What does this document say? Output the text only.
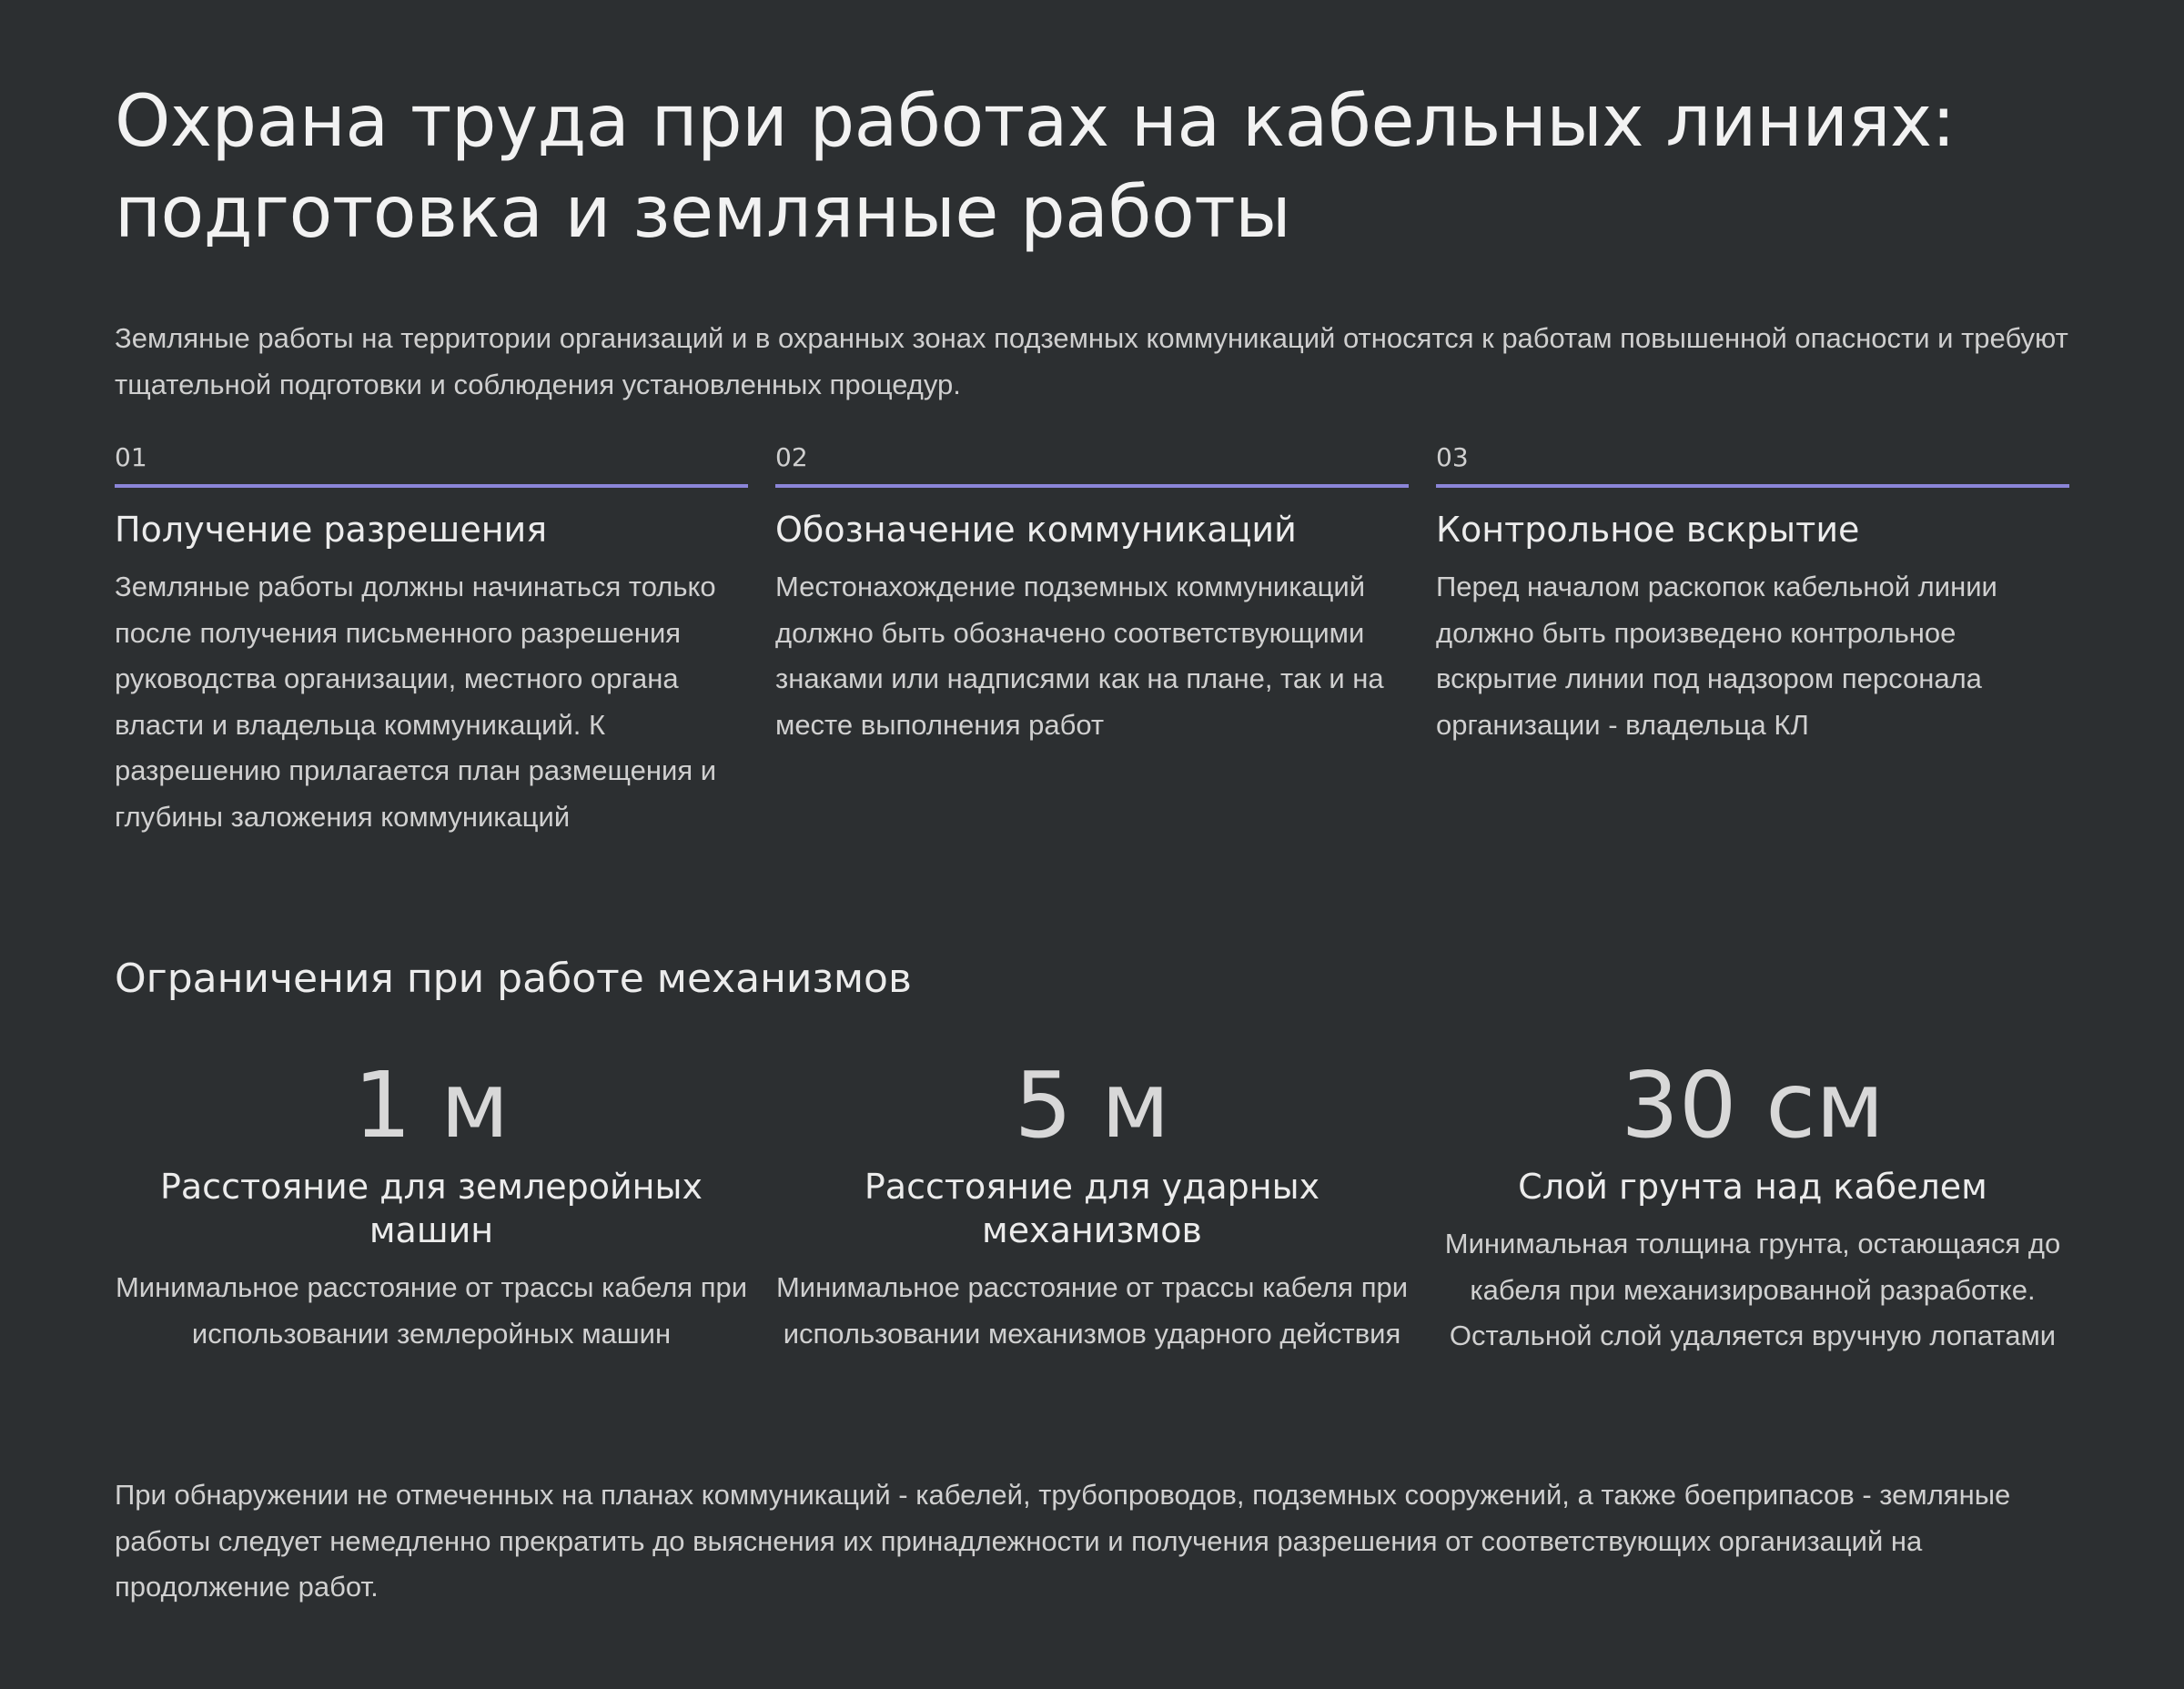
Охрана труда при работах на кабельных линиях:
подготовка и земляные работы

Земляные работы на территории организаций и в охранных зонах подземных коммуникаций относятся к работам повышенной опасности и требуют тщательной подготовки и соблюдения установленных процедур.

01
Получение разрешения
Земляные работы должны начинаться только после получения письменного разрешения руководства организации, местного органа власти и владельца коммуникаций. К разрешению прилагается план размещения и глубины заложения коммуникаций
02
Обозначение коммуникаций
Местонахождение подземных коммуникаций должно быть обозначено соответствующими знаками или надписями как на плане, так и на месте выполнения работ
03
Контрольное вскрытие
Перед началом раскопок кабельной линии должно быть произведено контрольное вскрытие линии под надзором персонала организации - владельца КЛ
Ограничения при работе механизмов
1 м
Расстояние для землеройных машин
Минимальное расстояние от трассы кабеля при использовании землеройных машин
5 м
Расстояние для ударных механизмов
Минимальное расстояние от трассы кабеля при использовании механизмов ударного действия
30 см
Слой грунта над кабелем
Минимальная толщина грунта, остающаяся до кабеля при механизированной разработке. Остальной слой удаляется вручную лопатами

При обнаружении не отмеченных на планах коммуникаций - кабелей, трубопроводов, подземных сооружений, а также боеприпасов - земляные работы следует немедленно прекратить до выяснения их принадлежности и получения разрешения от соответствующих организаций на продолжение работ.
